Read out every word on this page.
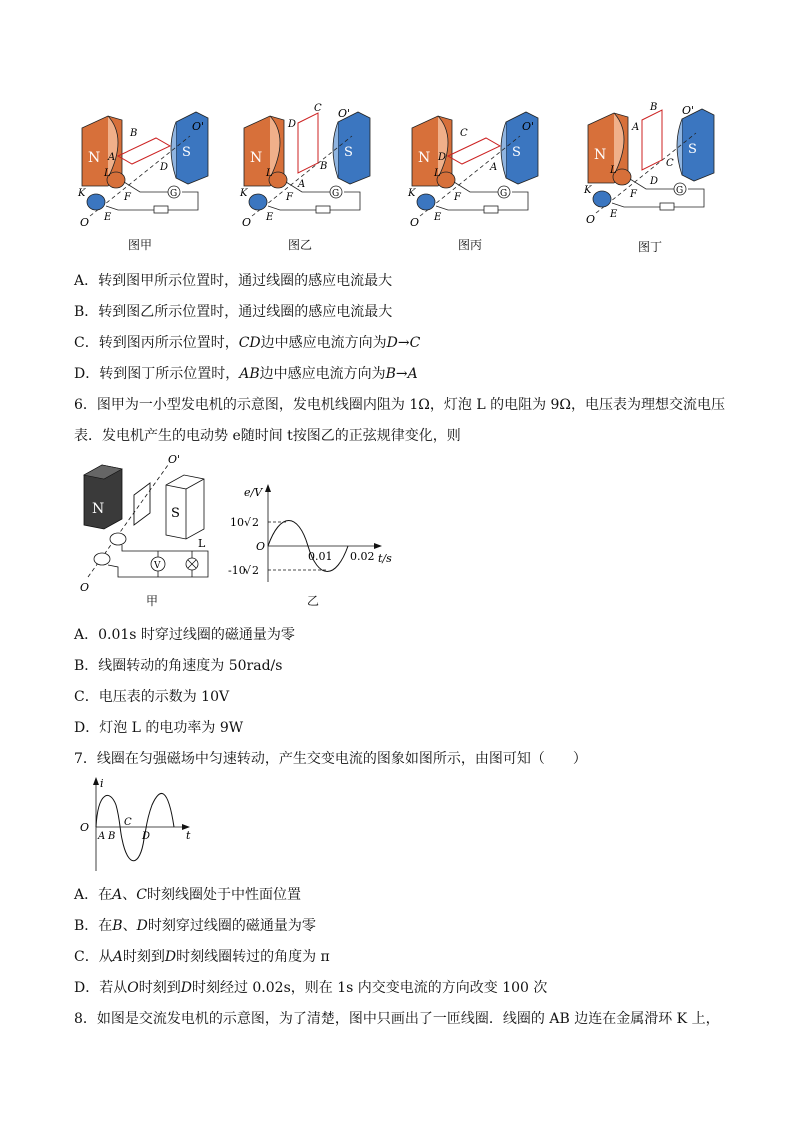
N	S
G
O'
O
B
A
D
K
L
E
F
图甲
N	S
G
C O'
O
D
B
A
K
L
E
F
图乙
N	S
G
O'
O
C
D
A
K
L
E
F
图丙
N	S
G
B O'
O
A
C
D
K
L
E
F
图丁
A．转到图甲所示位置时，通过线圈的感应电流最大
B．转到图乙所示位置时，通过线圈的感应电流最大
C．转到图丙所示位置时，CD边中感应电流方向为D→C
D．转到图丁所示位置时，AB边中感应电流方向为B→A
6．图甲为一小型发电机的示意图，发电机线圈内阻为 1Ω，灯泡 L 的电阻为 9Ω，电压表为理想交流电压
表．发电机产生的电动势 e随时间 t按图乙的正弦规律变化，则
N	S
V
L
O'
O
甲
e/V
t/s
O
10 √ 2
-10
√ 2
0.01 0.02
乙
A．0.01s 时穿过线圈的磁通量为零
B．线圈转动的角速度为 50rad/s
C．电压表的示数为 10V
D．灯泡 L 的电功率为 9W
7．线圈在匀强磁场中匀速转动，产生交变电流的图象如图所示，由图可知（　　）
i
t
O
A B
C
D
A．在A、C时刻线圈处于中性面位置
B．在B、D时刻穿过线圈的磁通量为零
C．从A时刻到D时刻线圈转过的角度为 π
D．若从O时刻到D时刻经过 0.02s，则在 1s 内交变电流的方向改变 100 次
8．如图是交流发电机的示意图，为了清楚，图中只画出了一匝线圈．线圈的 AB 边连在金属滑环 K 上，
